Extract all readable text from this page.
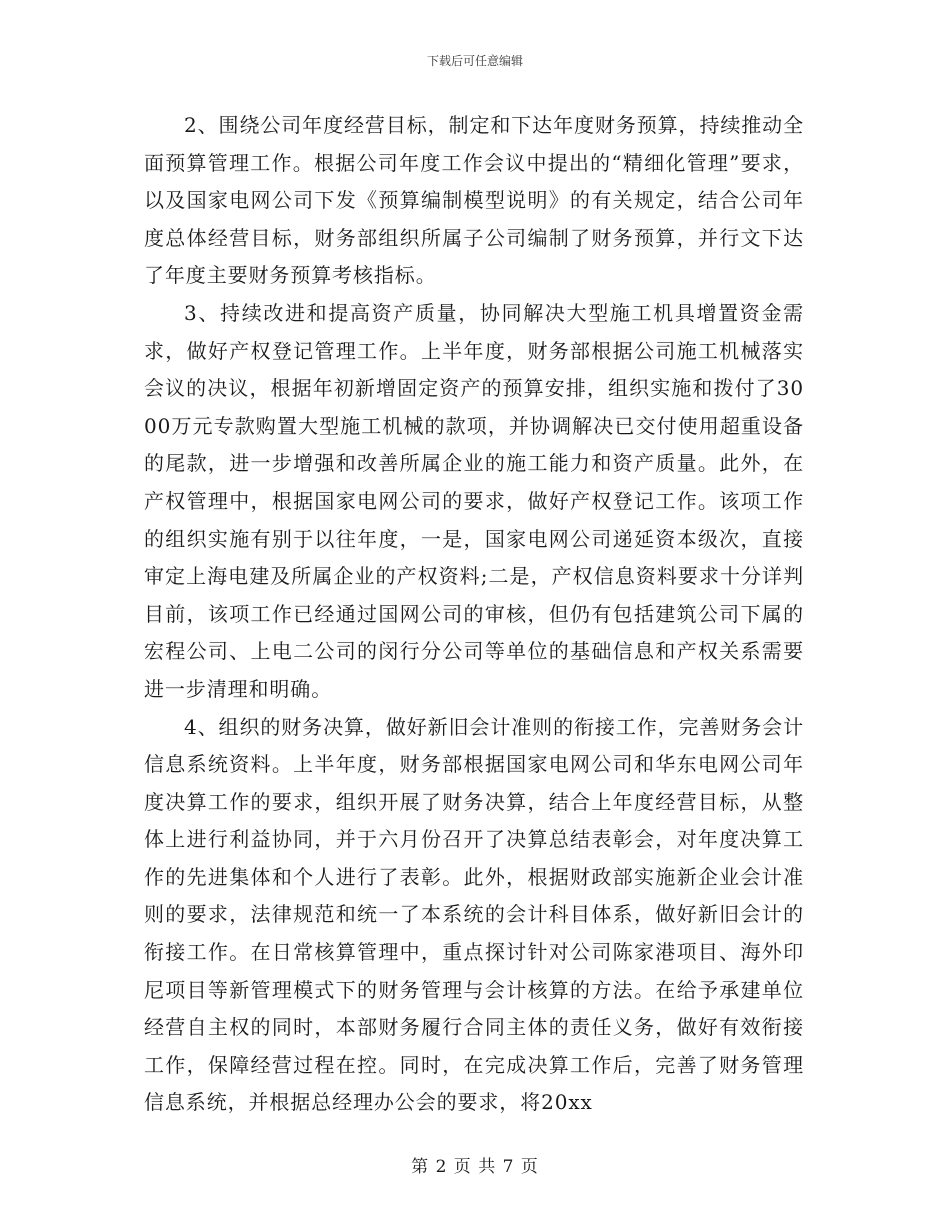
下载后可任意编辑

2、围绕公司年度经营目标，制定和下达年度财务预算，持续推动全面预算管理工作。根据公司年度工作会议中提出的“精细化管理”要求，以及国家电网公司下发《预算编制模型说明》的有关规定，结合公司年度总体经营目标，财务部组织所属子公司编制了财务预算，并行文下达了年度主要财务预算考核指标。

3、持续改进和提高资产质量，协同解决大型施工机具增置资金需求，做好产权登记管理工作。上半年度，财务部根据公司施工机械落实会议的决议，根据年初新增固定资产的预算安排，组织实施和拨付了3000万元专款购置大型施工机械的款项，并协调解决已交付使用超重设备的尾款，进一步增强和改善所属企业的施工能力和资产质量。此外，在产权管理中，根据国家电网公司的要求，做好产权登记工作。该项工作的组织实施有别于以往年度，一是，国家电网公司递延资本级次，直接审定上海电建及所属企业的产权资料;二是，产权信息资料要求十分详判目前，该项工作已经通过国网公司的审核，但仍有包括建筑公司下属的宏程公司、上电二公司的闵行分公司等单位的基础信息和产权关系需要进一步清理和明确。

4、组织的财务决算，做好新旧会计准则的衔接工作，完善财务会计信息系统资料。上半年度，财务部根据国家电网公司和华东电网公司年度决算工作的要求，组织开展了财务决算，结合上年度经营目标，从整体上进行利益协同，并于六月份召开了决算总结表彰会，对年度决算工作的先进集体和个人进行了表彰。此外，根据财政部实施新企业会计准则的要求，法律规范和统一了本系统的会计科目体系，做好新旧会计的衔接工作。在日常核算管理中，重点探讨针对公司陈家港项目、海外印尼项目等新管理模式下的财务管理与会计核算的方法。在给予承建单位经营自主权的同时，本部财务履行合同主体的责任义务，做好有效衔接工作，保障经营过程在控。同时，在完成决算工作后，完善了财务管理信息系统，并根据总经理办公会的要求，将20xx

第 2 页 共 7 页
